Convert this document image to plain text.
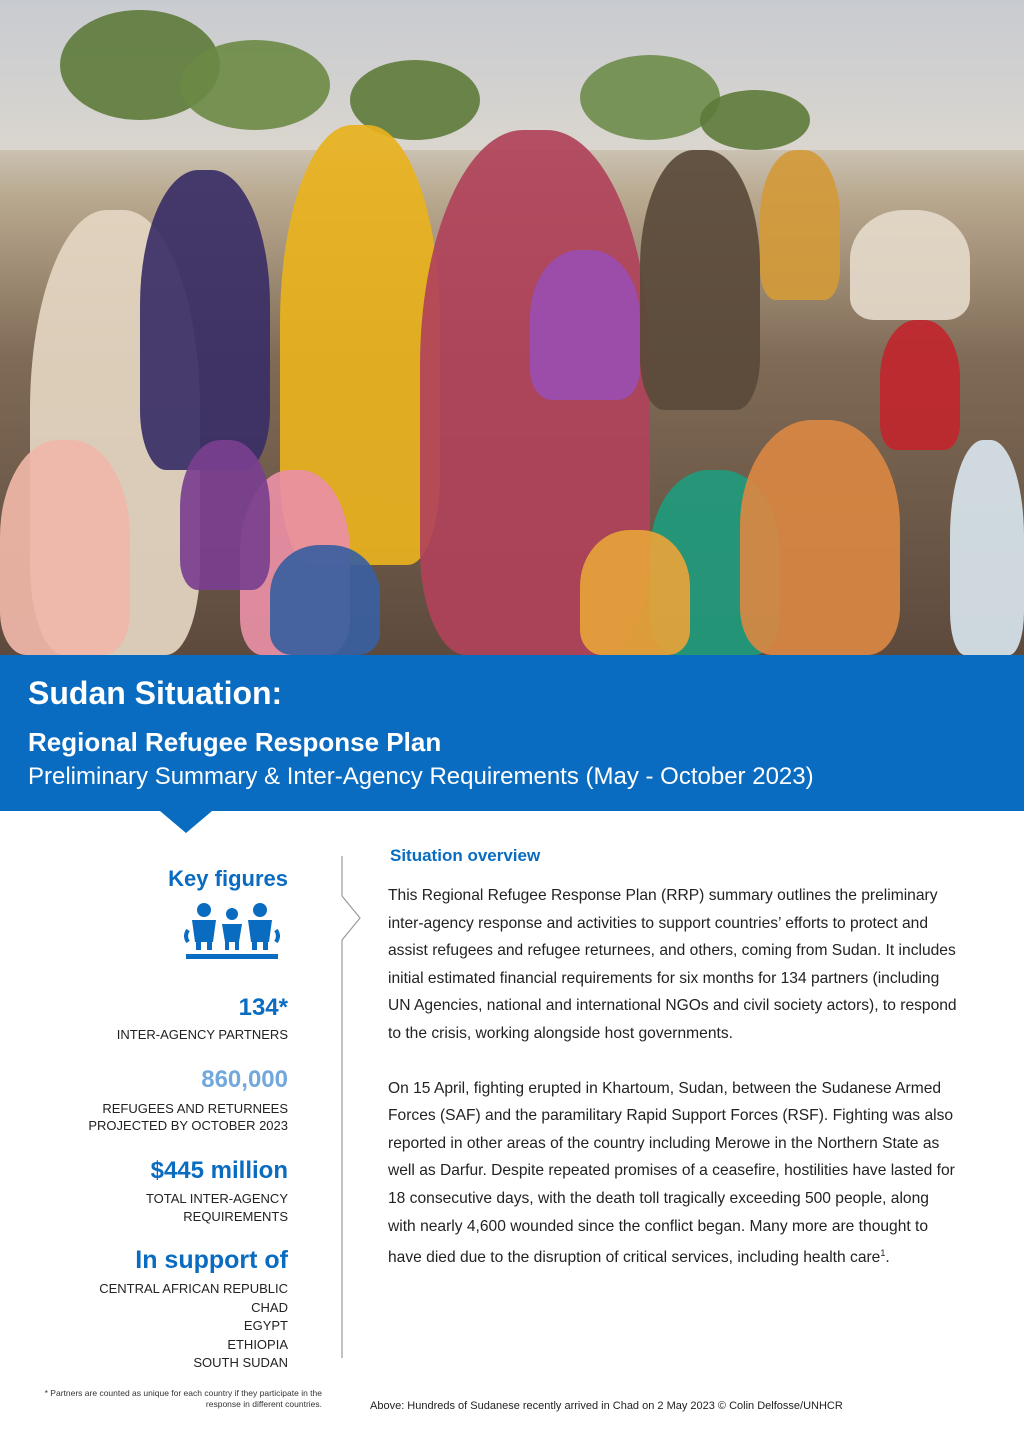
Sudan Situation:
Regional Refugee Response Plan
Preliminary Summary & Inter-Agency Requirements (May - October 2023)
Key figures
134*
INTER-AGENCY PARTNERS
860,000
REFUGEES AND RETURNEES
PROJECTED BY OCTOBER 2023
$445 million
TOTAL INTER-AGENCY
REQUIREMENTS
In support of
CENTRAL AFRICAN REPUBLIC
CHAD
EGYPT
ETHIOPIA
SOUTH SUDAN
* Partners are counted as unique for each country if they participate in the response in different countries.
Situation overview

This Regional Refugee Response Plan (RRP) summary outlines the preliminary inter-agency response and activities to support countries’ efforts to protect and assist refugees and refugee returnees, and others, coming from Sudan. It includes initial estimated financial requirements for six months for 134 partners (including UN Agencies, national and international NGOs and civil society actors), to respond to the crisis, working alongside host governments.

On 15 April, fighting erupted in Khartoum, Sudan, between the Sudanese Armed Forces (SAF) and the paramilitary Rapid Support Forces (RSF). Fighting was also reported in other areas of the country including Merowe in the Northern State as well as Darfur. Despite repeated promises of a ceasefire, hostilities have lasted for 18 consecutive days, with the death toll tragically exceeding 500 people, along with nearly 4,600 wounded since the conflict began. Many more are thought to have died due to the disruption of critical services, including health care$^1$.

Above: Hundreds of Sudanese recently arrived in Chad on 2 May 2023 © Colin Delfosse/UNHCR
